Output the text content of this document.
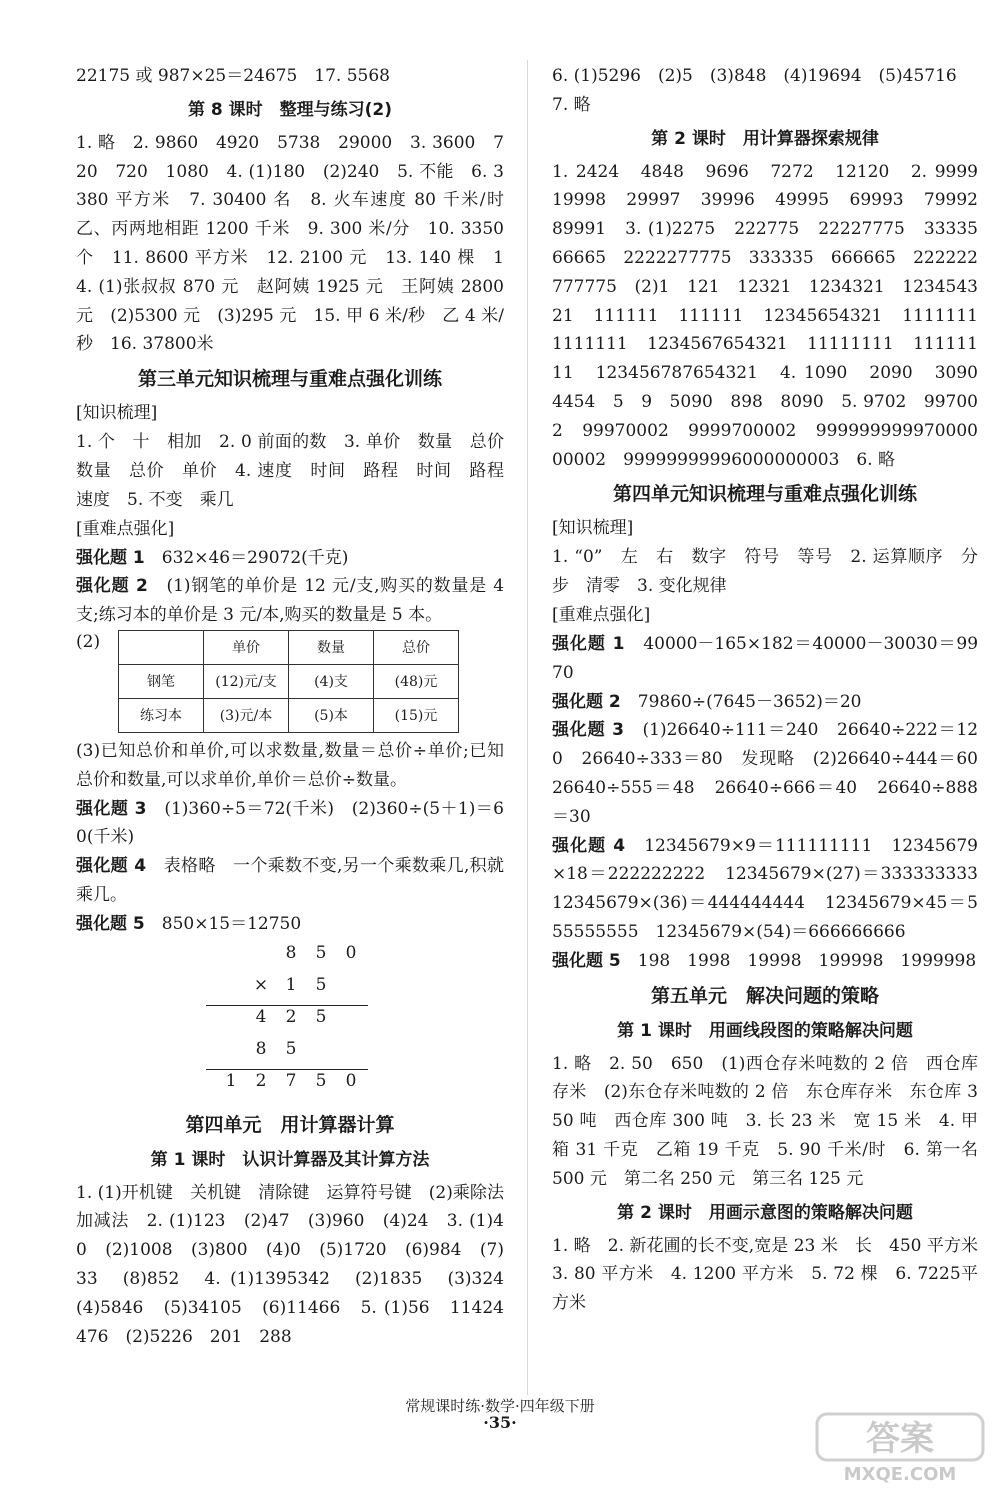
22175 或 987×25＝24675　17. 5568

第 8 课时　整理与练习(2)

1. 略　2. 9860　4920　5738　29000　3. 3600　720　720　1080　4. (1)180　(2)240　5. 不能　6. 3380 平方米　7. 30400 名　8. 火车速度 80 千米/时　乙、丙两地相距 1200 千米　9. 300 米/分　10. 3350 个　11. 8600 平方米　12. 2100 元　13. 140 棵　14. (1)张叔叔 870 元　赵阿姨 1925 元　王阿姨 2800 元　(2)5300 元　(3)295 元　15. 甲 6 米/秒　乙 4 米/秒　16. 37800米

第三单元知识梳理与重难点强化训练

[知识梳理]

1. 个　十　相加　2. 0 前面的数　3. 单价　数量　总价　数量　总价　单价　4. 速度　时间　路程　时间　路程　速度　5. 不变　乘几

[重难点强化]

强化题 1　 632×46＝29072(千克)

强化题 2　 (1)钢笔的单价是 12 元/支,购买的数量是 4 支;练习本的单价是 3 元/本,购买的数量是 5 本。

(2)
		单价	数量	总价
钢笔	(12)元/支	(4)支	(48)元
练习本	(3)元/本	(5)本	(15)元

(3)已知总价和单价,可以求数量,数量＝总价÷单价;已知总价和数量,可以求单价,单价＝总价÷数量。

强化题 3　 (1)360÷5＝72(千米)　(2)360÷(5＋1)＝60(千米)

强化题 4　 表格略　一个乘数不变,另一个乘数乘几,积就乘几。

强化题 5　 850×15＝12750

8	5	0
×	1	5
4	2	5
8	5
1	2	7	5	0
第四单元　用计算器计算
第 1 课时　认识计算器及其计算方法

1. (1)开机键　关机键　清除键　运算符号键　(2)乘除法　加减法　2. (1)123　(2)47　(3)960　(4)24　3. (1)40　(2)1008　(3)800　(4)0　(5)1720　(6)984　(7)33　(8)852　4. (1)1395342　(2)1835　(3)324　(4)5846　(5)34105　(6)11466　5. (1)56　11424　476　(2)5226　201　288

6. (1)5296　(2)5　(3)848　(4)19694　(5)45716
7. 略

第 2 课时　用计算器探索规律

1. 2424　4848　9696　7272　12120　2. 9999　19998　29997　39996　49995　69993　79992　89991　3. (1)2275　222775　22227775　33335　66665　2222277775　333335　666665　222222777775　(2)1　121　12321　1234321　123454321　111111　111111　12345654321　1111111　1111111　1234567654321　11111111　11111111　123456787654321　4. 1090　2090　3090　4454　5　9　5090　898　8090　5. 9702　997002　99970002　9999700002　99999999997000000002　99999999996000000003　6. 略

第四单元知识梳理与重难点强化训练

[知识梳理]

1. “0”　左　右　数字　符号　等号　2. 运算顺序　分步　清零　3. 变化规律

[重难点强化]

强化题 1　 40000－165×182＝40000－30030＝9970

强化题 2　 79860÷(7645－3652)＝20

强化题 3　 (1)26640÷111＝240　26640÷222＝120　26640÷333＝80　发现略　(2)26640÷444＝60　26640÷555＝48　26640÷666＝40　26640÷888＝30

强化题 4　 12345679×9＝111111111　12345679×18＝222222222　12345679×(27)＝333333333　12345679×(36)＝444444444　12345679×45＝555555555　12345679×(54)＝666666666

强化题 5　 198　1998　19998　199998　1999998

第五单元　解决问题的策略
第 1 课时　用画线段图的策略解决问题

1. 略　2. 50　650　(1)西仓存米吨数的 2 倍　西仓库存米　(2)东仓存米吨数的 2 倍　东仓库存米　东仓库 350 吨　西仓库 300 吨　3. 长 23 米　宽 15 米　4. 甲箱 31 千克　乙箱 19 千克　5. 90 千米/时　6. 第一名 500 元　第二名 250 元　第三名 125 元

第 2 课时　用画示意图的策略解决问题

1. 略　2. 新花圃的长不变,宽是 23 米　长　450 平方米　3. 80 平方米　4. 1200 平方米　5. 72 棵　6. 7225平方米

常规课时练·数学·四年级下册
·35·	答案
MXQE.COM
